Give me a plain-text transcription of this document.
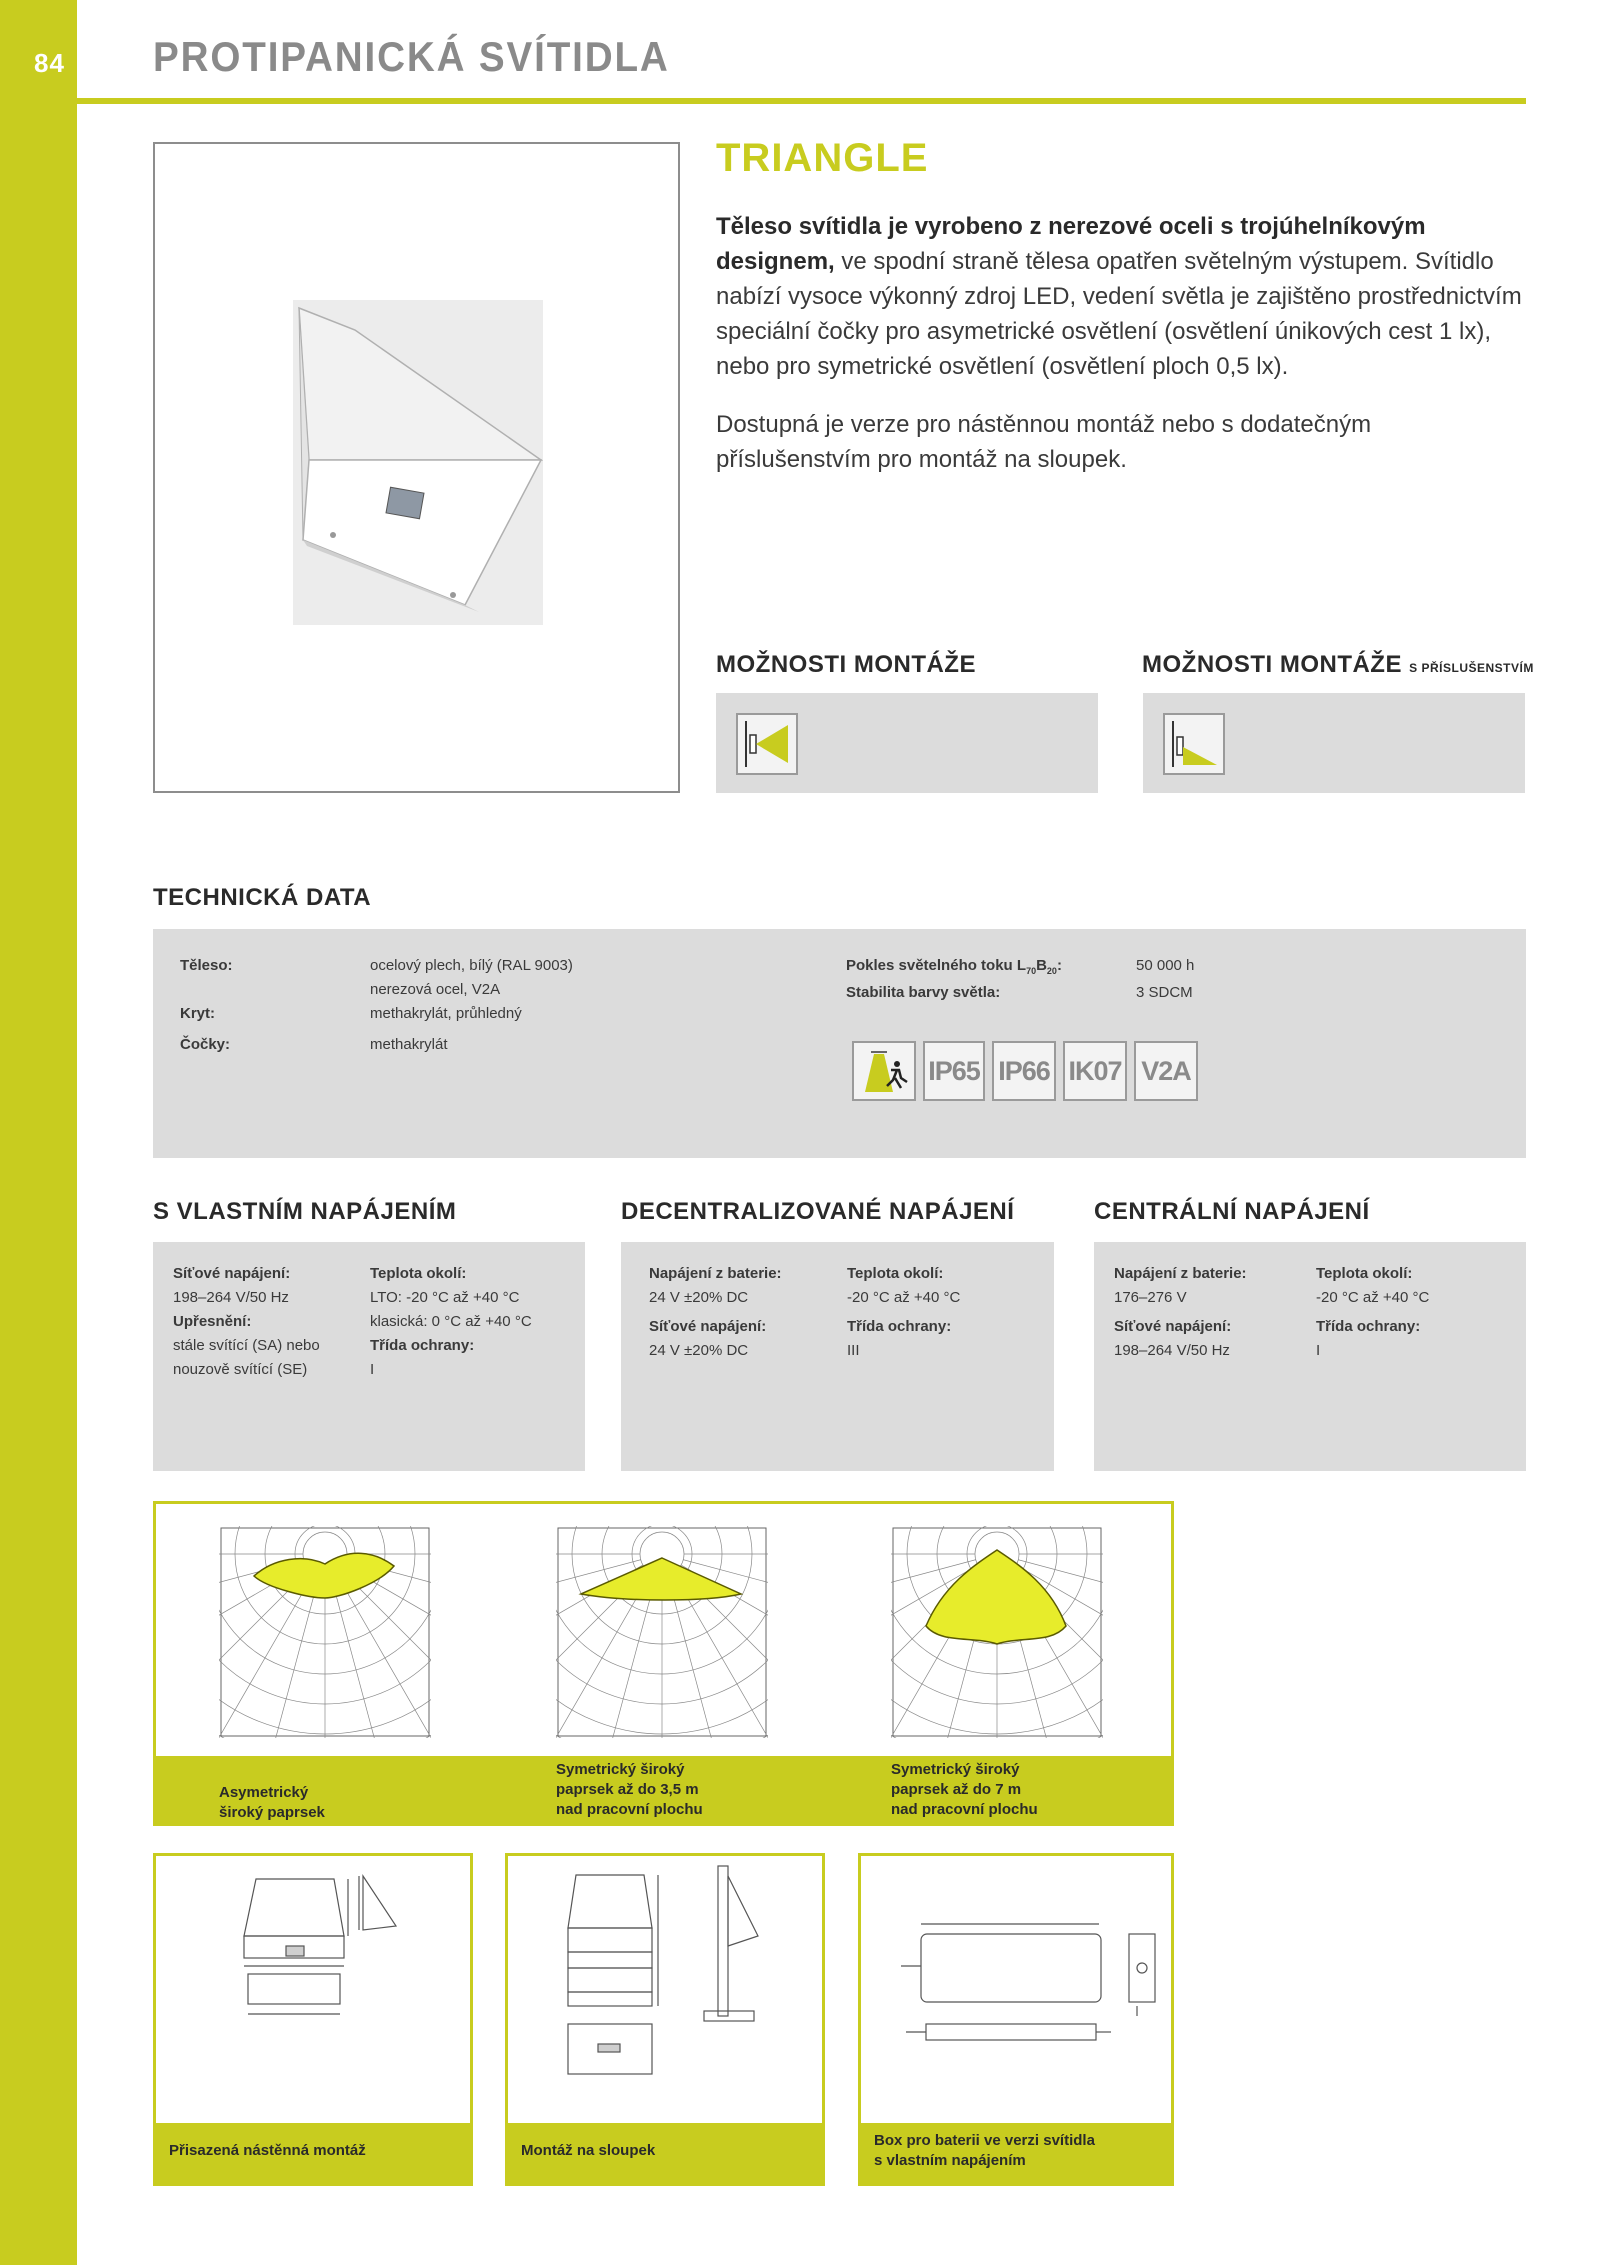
84 PROTIPANICKÁ SVÍTIDLA
TRIANGLE
Těleso svítidla je vyrobeno z nerezové oceli s trojúhelníkovým designem, ve spodní straně tělesa opatřen světelným výstupem. Svítidlo nabízí vysoce výkonný zdroj LED, vedení světla je zajištěno prostřednictvím speciální čočky pro asymetrické osvětlení (osvětlení únikových cest 1 lx), nebo pro symetrické osvětlení (osvětlení ploch 0,5 lx).
Dostupná je verze pro nástěnnou montáž nebo s dodatečným příslušenstvím pro montáž na sloupek.
MOŽNOSTI MONTÁŽE	MOŽNOSTI MONTÁŽE S PŘÍSLUŠENSTVÍM
TECHNICKÁ DATA
Těleso:	ocelový plech, bílý (RAL 9003)
nerezová ocel, V2A
Kryt:	methakrylát, průhledný
Čočky:	methakrylát
Pokles světelného toku $L_{70}B_{20}$:	50 000 h
Stabilita barvy světla:	3 SDCM
IP65 IP66 IK07 V2A
S VLASTNÍM NAPÁJENÍM	DECENTRALIZOVANÉ NAPÁJENÍ	CENTRÁLNÍ NAPÁJENÍ
Síťové napájení:
198–264 V/50 Hz
Upřesnění:
stále svítící (SA) nebo
nouzově svítící (SE)
Teplota okolí:
LTO: -20 °C až +40 °C
klasická: 0 °C až +40 °C
Třída ochrany:
I
Napájení z baterie:
24 V ±20% DC
Síťové napájení:
24 V ±20% DC
Teplota okolí:
-20 °C až +40 °C
Třída ochrany:
III
Napájení z baterie:
176–276 V
Síťové napájení:
198–264 V/50 Hz
Teplota okolí:
-20 °C až +40 °C
Třída ochrany:
I
Asymetrický
široký paprsek
Symetrický široký
paprsek až do 3,5 m
nad pracovní plochu
Symetrický široký
paprsek až do 7 m
nad pracovní plochu
Přisazená nástěnná montáž	Montáž na sloupek
Box pro baterii ve verzi svítidla
s vlastním napájením
